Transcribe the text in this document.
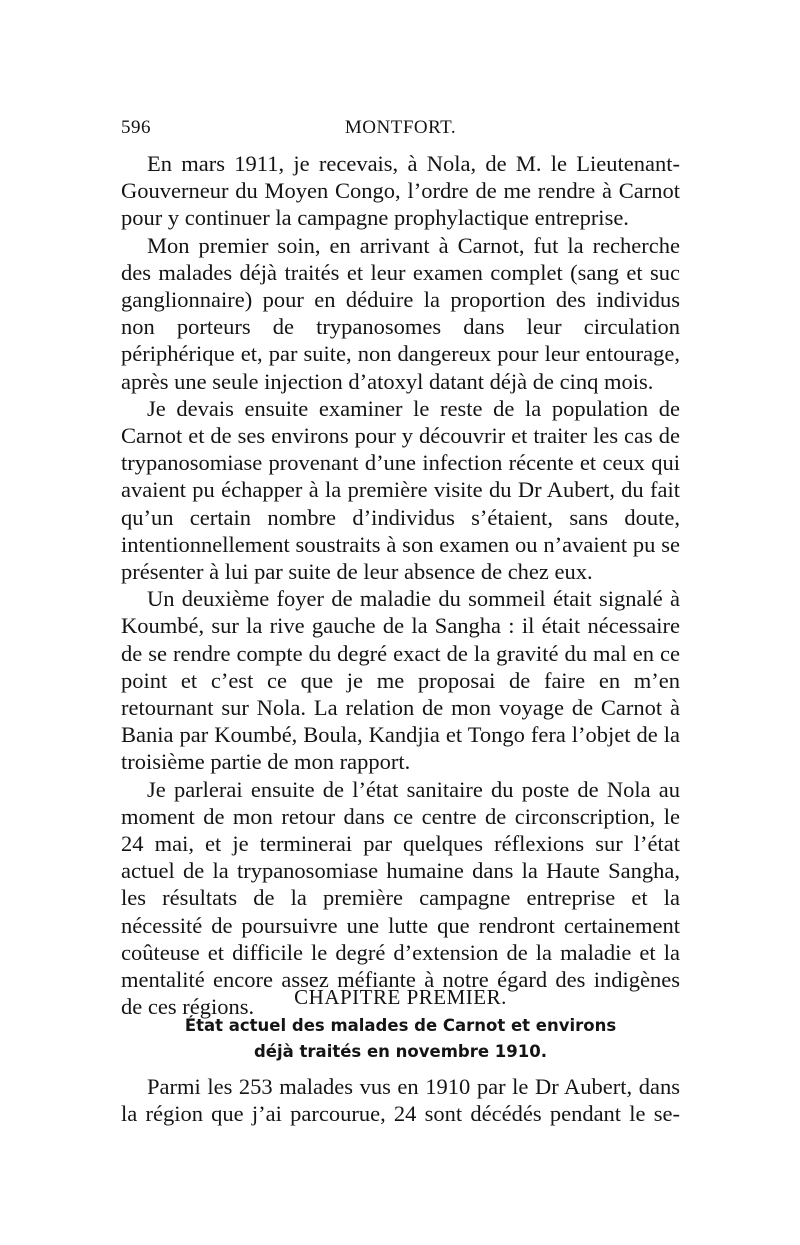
596	MONTFORT.

En mars 1911, je recevais, à Nola, de M. le Lieutenant-Gouverneur du Moyen Congo, l’ordre de me rendre à Carnot pour y continuer la campagne prophylactique entreprise.

Mon premier soin, en arrivant à Carnot, fut la recherche des malades déjà traités et leur examen complet (sang et suc ganglionnaire) pour en déduire la proportion des individus non porteurs de trypanosomes dans leur circulation périphérique et, par suite, non dangereux pour leur entourage, après une seule injection d’atoxyl datant déjà de cinq mois.

Je devais ensuite examiner le reste de la population de Carnot et de ses environs pour y découvrir et traiter les cas de trypanosomiase provenant d’une infection récente et ceux qui avaient pu échapper à la première visite du Dr Aubert, du fait qu’un certain nombre d’individus s’étaient, sans doute, intentionnellement soustraits à son examen ou n’avaient pu se présenter à lui par suite de leur absence de chez eux.

Un deuxième foyer de maladie du sommeil était signalé à Koumbé, sur la rive gauche de la Sangha : il était nécessaire de se rendre compte du degré exact de la gravité du mal en ce point et c’est ce que je me proposai de faire en m’en retournant sur Nola. La relation de mon voyage de Carnot à Bania par Koumbé, Boula, Kandjia et Tongo fera l’objet de la troisième partie de mon rapport.

Je parlerai ensuite de l’état sanitaire du poste de Nola au moment de mon retour dans ce centre de circonscription, le 24 mai, et je terminerai par quelques réflexions sur l’état actuel de la trypanosomiase humaine dans la Haute Sangha, les résultats de la première campagne entreprise et la nécessité de poursuivre une lutte que rendront certainement coûteuse et difficile le degré d’extension de la maladie et la mentalité encore assez méfiante à notre égard des indigènes de ces régions.	CHAPITRE PREMIER.

État actuel des malades de Carnot et environs
déjà traités en novembre 1910.

Parmi les 253 malades vus en 1910 par le Dr Aubert, dans la région que j’ai parcourue, 24 sont décédés pendant le se-
